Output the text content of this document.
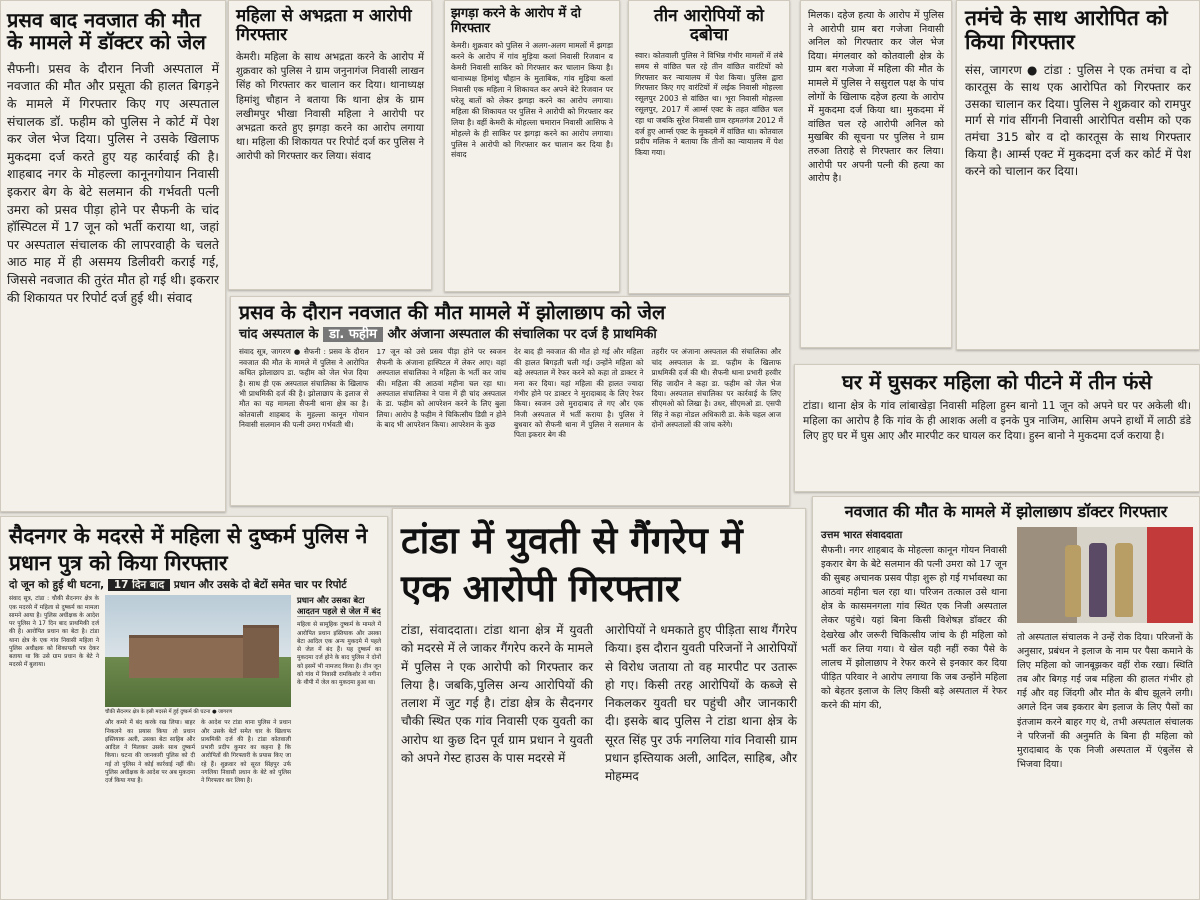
प्रसव बाद नवजात की मौत के मामले में डॉक्टर को जेल

सैफनी। प्रसव के दौरान निजी अस्पताल में नवजात की मौत और प्रसूता की हालत बिगड़ने के मामले में गिरफ्तार किए गए अस्पताल संचालक डॉ. फहीम को पुलिस ने कोर्ट में पेश कर जेल भेज दिया। पुलिस ने उसके खिलाफ मुकदमा दर्ज करते हुए यह कार्रवाई की है। शाहबाद नगर के मोहल्ला कानूनगोयान निवासी इकरार बेग के बेटे सलमान की गर्भवती पत्नी उमरा को प्रसव पीड़ा होने पर सैफनी के चांद हॉस्पिटल में 17 जून को भर्ती कराया था, जहां पर अस्पताल संचालक की लापरवाही के चलते आठ माह में ही असमय डिलीवरी कराई गई, जिससे नवजात की तुरंत मौत हो गई थी। इकरार की शिकायत पर रिपोर्ट दर्ज हुई थी। संवाद

महिला से अभद्रता म आरोपी गिरफ्तार

केमरी। महिला के साथ अभद्रता करने के आरोप में शुक्रवार को पुलिस ने ग्राम जनुनागंज निवासी लाखन सिंह को गिरफ्तार कर चालान कर दिया। थानाध्यक्ष हिमांशु चौहान ने बताया कि थाना क्षेत्र के ग्राम लखीमपुर भीखा निवासी महिला ने आरोपी पर अभद्रता करते हुए झगड़ा करने का आरोप लगाया था। महिला की शिकायत पर रिपोर्ट दर्ज कर पुलिस ने आरोपी को गिरफ्तार कर लिया। संवाद

झगड़ा करने के आरोप में दो गिरफ्तार

केमरी। शुक्रवार को पुलिस ने अलग-अलग मामलों में झगड़ा करने के आरोप में गांव मुड़िया कलां निवासी रिजवान व केमरी निवासी साकिर को गिरफ्तार कर चालान किया है। थानाध्यक्ष हिमांशु चौहान के मुताबिक, गांव मुड़िया कलां निवासी एक महिला ने शिकायत कर अपने बेटे रिजवान पर घरेलू बातों को लेकर झगड़ा करने का आरोप लगाया। महिला की शिकायत पर पुलिस ने आरोपी को गिरफ्तार कर लिया है। वहीं केमरी के मोहल्ला चमारान निवासी आसिफ ने मोहल्ले के ही साकिर पर झगड़ा करने का आरोप लगाया। पुलिस ने आरोपी को गिरफ्तार कर चालान कर दिया है। संवाद

तीन आरोपियों को दबोचा

स्वार। कोतवाली पुलिस ने विभिन्न गंभीर मामलों में लंबे समय से वांछित चल रहे तीन वांछित वारंटियों को गिरफ्तार कर न्यायालय में पेश किया। पुलिस द्वारा गिरफ्तार किए गए वारंटियों में लईक निवासी मोहल्ला रसूलपुर 2003 से वांछित था। भूरा निवासी मोहल्ला रसूलपुर, 2017 में आर्म्स एक्ट के तहत वांछित चल रहा था जबकि सुरेश निवासी ग्राम रहमतगंज 2012 में दर्ज हुए आर्म्स एक्ट के मुकदमे में वांछित था। कोतवाल प्रदीप मलिक ने बताया कि तीनों का न्यायालय में पेश किया गया।

मिलक। दहेज हत्या के आरोप में पुलिस ने आरोपी ग्राम बरा गजेजा निवासी अनिल को गिरफ्तार कर जेल भेज दिया। मंगलवार को कोतवाली क्षेत्र के ग्राम बरा गजेजा में महिला की मौत के मामले में पुलिस ने ससुराल पक्ष के पांच लोगों के खिलाफ दहेज हत्या के आरोप में मुकदमा दर्ज किया था। मुकदमा में वांछित चल रहे आरोपी अनिल को मुखबिर की सूचना पर पुलिस ने ग्राम तरुआ तिराहे से गिरफ्तार कर लिया। आरोपी पर अपनी पत्नी की हत्या का आरोप है।

तमंचे के साथ आरोपित को किया गिरफ्तार

संस, जागरण ● टांडा : पुलिस ने एक तमंचा व दो कारतूस के साथ एक आरोपित को गिरफ्तार कर उसका चालान कर दिया। पुलिस ने शुक्रवार को रामपुर मार्ग से गांव सींगनी निवासी आरोपित वसीम को एक तमंचा 315 बोर व दो कारतूस के साथ गिरफ्तार किया है। आर्म्स एक्ट में मुकदमा दर्ज कर कोर्ट में पेश करने को चालान कर दिया।

प्रसव के दौरान नवजात की मौत मामले में झोलाछाप को जेल
चांद अस्पताल के डा. फहीम और अंजाना अस्पताल की संचालिका पर दर्ज है प्राथमिकी
संवाद सूत्र, जागरण ● सैफनी : प्रसव के दौरान नवजात की मौत के मामले में पुलिस ने आरोपित कथित झोलाछाप डा. फहीम को जेल भेज दिया है। साथ ही एक अस्पताल संचालिका के खिलाफ भी प्राथमिकी दर्ज की है। झोलाछाप के इलाज से मौत का यह मामला सैफनी थाना क्षेत्र का है। कोतवाली शाहबाद के मुहल्ला कानून गोयान निवासी सलमान की पत्नी उमरा गर्भवती थी।
17 जून को उसे प्रसव पीड़ा होने पर स्वजन सैफनी के अंजाना हास्पिटल में लेकर आए। वहां अस्पताल संचालिका ने महिला के भर्ती कर जांच की। महिला की आठवां महीना चल रहा था। अस्पताल संचालिका ने पास में ही चांद अस्पताल के डा. फहीम को आपरेशन करने के लिए बुला लिया। आरोप है फहीम ने चिकित्सीय डिग्री न होने के बाद भी आपरेशन किया। आपरेशन के कुछ
देर बाद ही नवजात की मौत हो गई और महिला की हालत बिगड़ती चली गई। उन्होंने महिला को बड़े अस्पताल में रेफर करने को कहा तो डाक्टर ने मना कर दिया। यहां महिला की हालत ज्यादा गंभीर होने पर डाक्टर ने मुरादाबाद के लिए रेफर किया। स्वजन उसे मुरादाबाद ले गए और एक निजी अस्पताल में भर्ती कराया है। पुलिस ने बुधवार को सैफनी थाना में पुलिस ने सलमान के पिता इकरार बेग की
तहरीर पर अंजाना अस्पताल की संचालिका और चांद अस्पताल के डा. फहीम के खिलाफ प्राथमिकी दर्ज की थी। सैफनी थाना प्रभारी हरवीर सिंह जादौन ने कहा डा. फहीम को जेल भेज दिया। अस्पताल संचालिका पर कार्रवाई के लिए सीएमओ को लिखा है। उधर, सीएमओ डा. एसपी सिंह ने कहा नोडल अधिकारी डा. केके चहल आज दोनों अस्पतालों की जांच करेंगे।
घर में घुसकर महिला को पीटने में तीन फंसे

टांडा। थाना क्षेत्र के गांव लांबाखेड़ा निवासी महिला हुस्न बानो 11 जून को अपने घर पर अकेली थी। महिला का आरोप है कि गांव के ही आशक अली व इनके पुत्र नाजिम, आसिम अपने हाथों में लाठी डंडे लिए हुए घर में घुस आए और मारपीट कर घायल कर दिया। हुस्न बानो ने मुकदमा दर्ज कराया है।

सैदनगर के मदरसे में महिला से दुष्कर्म पुलिस ने प्रधान पुत्र को किया गिरफ्तार
दो जून को हुई थी घटना, 17 दिन बाद प्रधान और उसके दो बेटों समेत चार पर रिपोर्ट
संवाद सूत्र, टांडा : चौकी सैदनगर क्षेत्र के एक मदरसे में महिला से दुष्कर्म का मामला सामने आया है। पुलिस अधीक्षक के आदेश पर पुलिस ने 17 दिन बाद प्राथमिकी दर्ज की है। आरोपित प्रधान का बेटा है। टांडा थाना क्षेत्र के एक गांव निवासी महिला ने पुलिस अधीक्षक को शिकायती पत्र देकर बताया था कि उसे ग्राम प्रधान के बेटे ने मदरसे में बुलाया।
चौकी सैदनगर क्षेत्र के इसी मदरसे में हुई दुष्कर्म की घटना ● जागरण
और कमरे में बंद करके रख लिया। बाहर निकलने का प्रयास किया तो प्रधान इस्तियाक अली, उसका बेटा साहिब और आदिल ने मिलकर उसके साथ दुष्कर्म किया। घटना की जानकारी पुलिस को दी गई तो पुलिस ने कोई कार्रवाई नहीं की। पुलिस अधीक्षक के आदेश पर अब मुकदमा दर्ज किया गया है।
के आदेश पर टांडा थाना पुलिस ने प्रधान और उसके बेटों समेत चार के खिलाफ प्राथमिकी दर्ज की है। टांडा कोतवाली प्रभारी प्रदीप कुमार का कहना है कि आरोपितों की गिरफ्तारी के प्रयास किए जा रहे हैं। शुक्रवार को सूरत सिंहपुर उर्फ नगलिया निवासी प्रधान के बेटे को पुलिस ने गिरफ्तार कर लिया है।
प्रधान और उसका बेटा आदतन पहले से जेल में बंद
महिला से सामूहिक दुष्कर्म के मामले में आरोपित प्रधान इस्तियाक और उसका बेटा आदिल एक अन्य मुकदमे में पहले से जेल में बंद हैं। यह दुष्कर्म का मुकदमा दर्ज होने के बाद पुलिस ने दोनों को इसमें भी नामजद किया है। तीन जून को गांव में निवासी रामकिशोर ने नगीना के थीपी में जेल का मुकदमा हुआ था।
टांडा में युवती से गैंगरेप में एक आरोपी गिरफ्तार
टांडा, संवाददाता। टांडा थाना क्षेत्र में युवती को मदरसे में ले जाकर गैंगरेप करने के मामले में पुलिस ने एक आरोपी को गिरफ्तार कर लिया है। जबकि,पुलिस अन्य आरोपियों की तलाश में जुट गई है। टांडा क्षेत्र के सैदनगर चौकी स्थित एक गांव निवासी एक युवती का आरोप था कुछ दिन पूर्व ग्राम प्रधान ने युवती को अपने गेस्ट हाउस के पास मदरसे में
आरोपियों ने धमकाते हुए पीड़िता साथ गैंगरेप किया। इस दौरान युवती परिजनों ने आरोपियों से विरोध जताया तो वह मारपीट पर उतारू हो गए। किसी तरह आरोपियों के कब्जे से निकलकर युवती घर पहुंची और जानकारी दी। इसके बाद पुलिस ने टांडा थाना क्षेत्र के सूरत सिंह पुर उर्फ नगलिया गांव निवासी ग्राम प्रधान इस्तियाक अली, आदिल, साहिब, और मोहम्मद
नवजात की मौत के मामले में झोलाछाप डॉक्टर गिरफ्तार
उत्तम भारत संवाददाता

सैफनी। नगर शाहबाद के मोहल्ला कानून गोयन निवासी इकरार बेग के बेटे सलमान की पत्नी उमरा को 17 जून की सुबह अचानक प्रसव पीड़ा शुरू हो गई गर्भावस्था का आठवां महीना चल रहा था। परिजन तत्काल उसे थाना क्षेत्र के कासमनगला गांव स्थित एक निजी अस्पताल लेकर पहुंचे। यहां बिना किसी विशेषज्ञ डॉक्टर की देखरेख और जरूरी चिकित्सीय जांच के ही महिला को भर्ती कर लिया गया। ये खेल यही नहीं रुका पैसे के लालच में झोलाछाप ने रेफर करने से इनकार कर दिया पीड़ित परिवार ने आरोप लगाया कि जब उन्होंने महिला को बेहतर इलाज के लिए किसी बड़े अस्पताल में रेफर करने की मांग की,

तो अस्पताल संचालक ने उन्हें रोक दिया। परिजनों के अनुसार, प्रबंधन ने इलाज के नाम पर पैसा कमाने के लिए महिला को जानबूझकर वहीं रोक रखा। स्थिति तब और बिगड़ गई जब महिला की हालत गंभीर हो गई और वह जिंदगी और मौत के बीच झूलने लगी।अगले दिन जब इकरार बेग इलाज के लिए पैसों का इंतजाम करने बाहर गए थे, तभी अस्पताल संचालक ने परिजनों की अनुमति के बिना ही महिला को मुरादाबाद के एक निजी अस्पताल में एंबुलेंस से भिजवा दिया।
